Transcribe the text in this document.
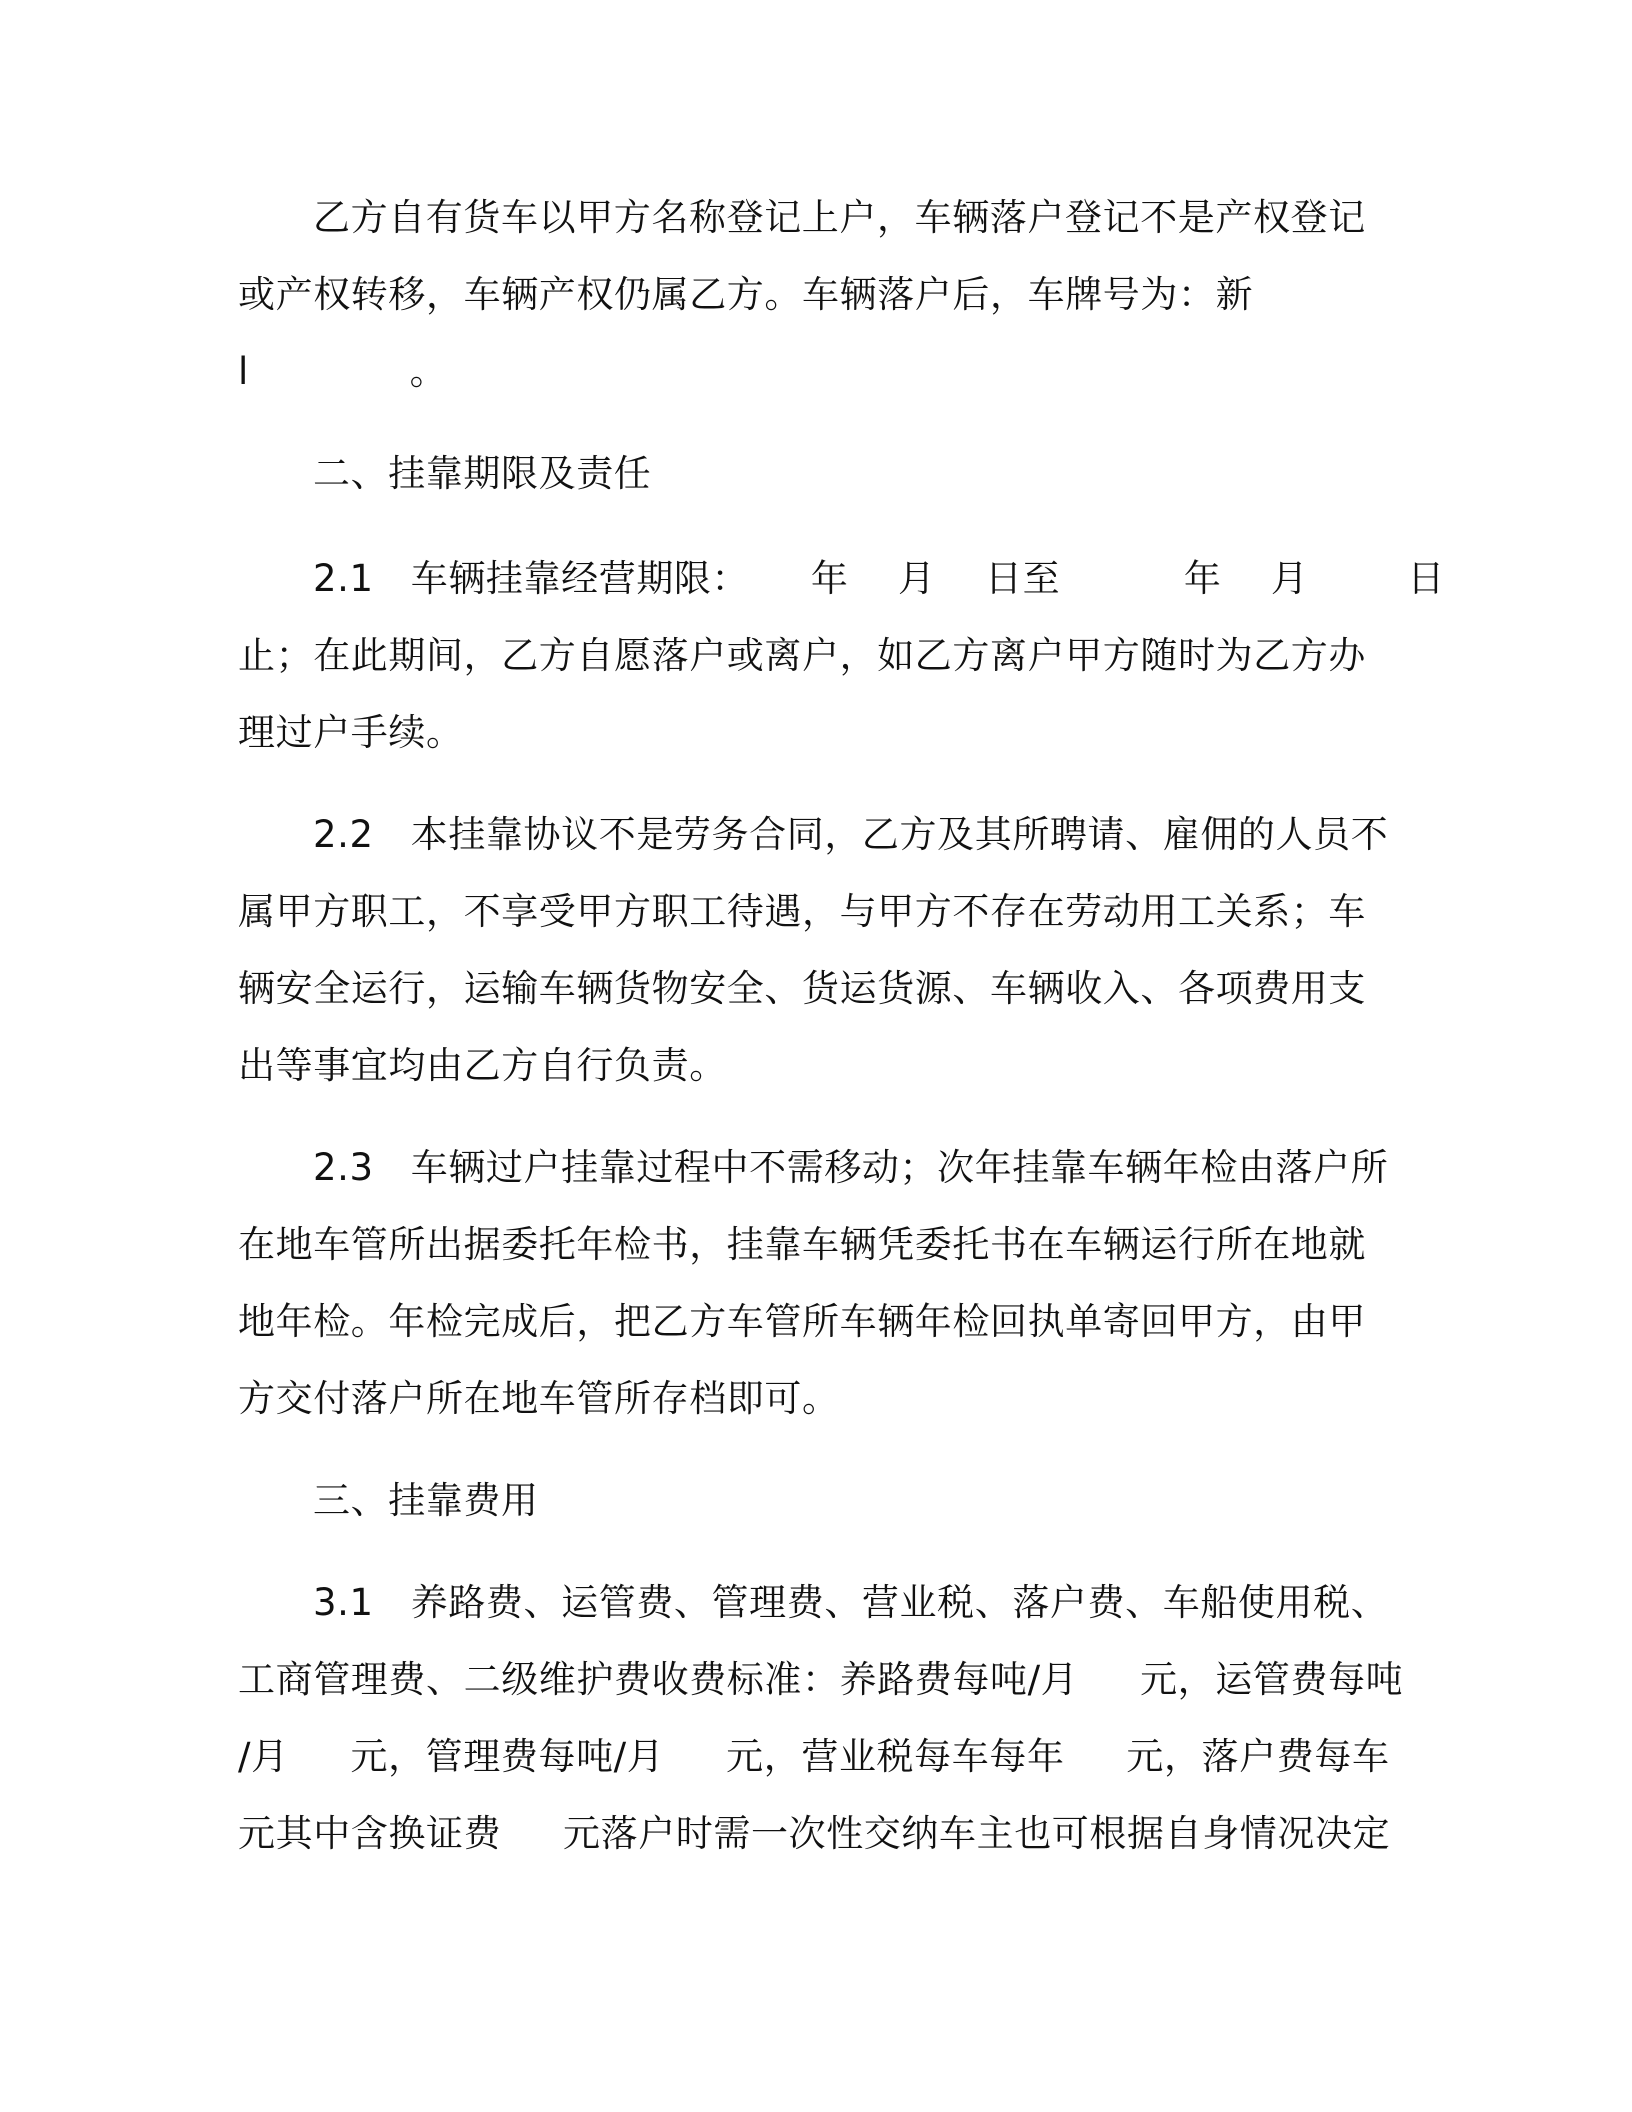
乙方自有货车以甲方名称登记上户，车辆落户登记不是产权登记
或产权转移，车辆产权仍属乙方。车辆落户后，车牌号为：新
l             。
二、挂靠期限及责任
2.1   车辆挂靠经营期限：     年    月    日至          年    月        日
止；在此期间，乙方自愿落户或离户，如乙方离户甲方随时为乙方办
理过户手续。
2.2   本挂靠协议不是劳务合同，乙方及其所聘请、雇佣的人员不
属甲方职工，不享受甲方职工待遇，与甲方不存在劳动用工关系；车
辆安全运行，运输车辆货物安全、货运货源、车辆收入、各项费用支
出等事宜均由乙方自行负责。
2.3   车辆过户挂靠过程中不需移动；次年挂靠车辆年检由落户所
在地车管所出据委托年检书，挂靠车辆凭委托书在车辆运行所在地就
地年检。年检完成后，把乙方车管所车辆年检回执单寄回甲方，由甲
方交付落户所在地车管所存档即可。
三、挂靠费用
3.1   养路费、运管费、管理费、营业税、落户费、车船使用税、
工商管理费、二级维护费收费标准：养路费每吨/月     元，运管费每吨
/月     元，管理费每吨/月     元，营业税每车每年     元，落户费每车
元其中含换证费     元落户时需一次性交纳车主也可根据自身情况决定
